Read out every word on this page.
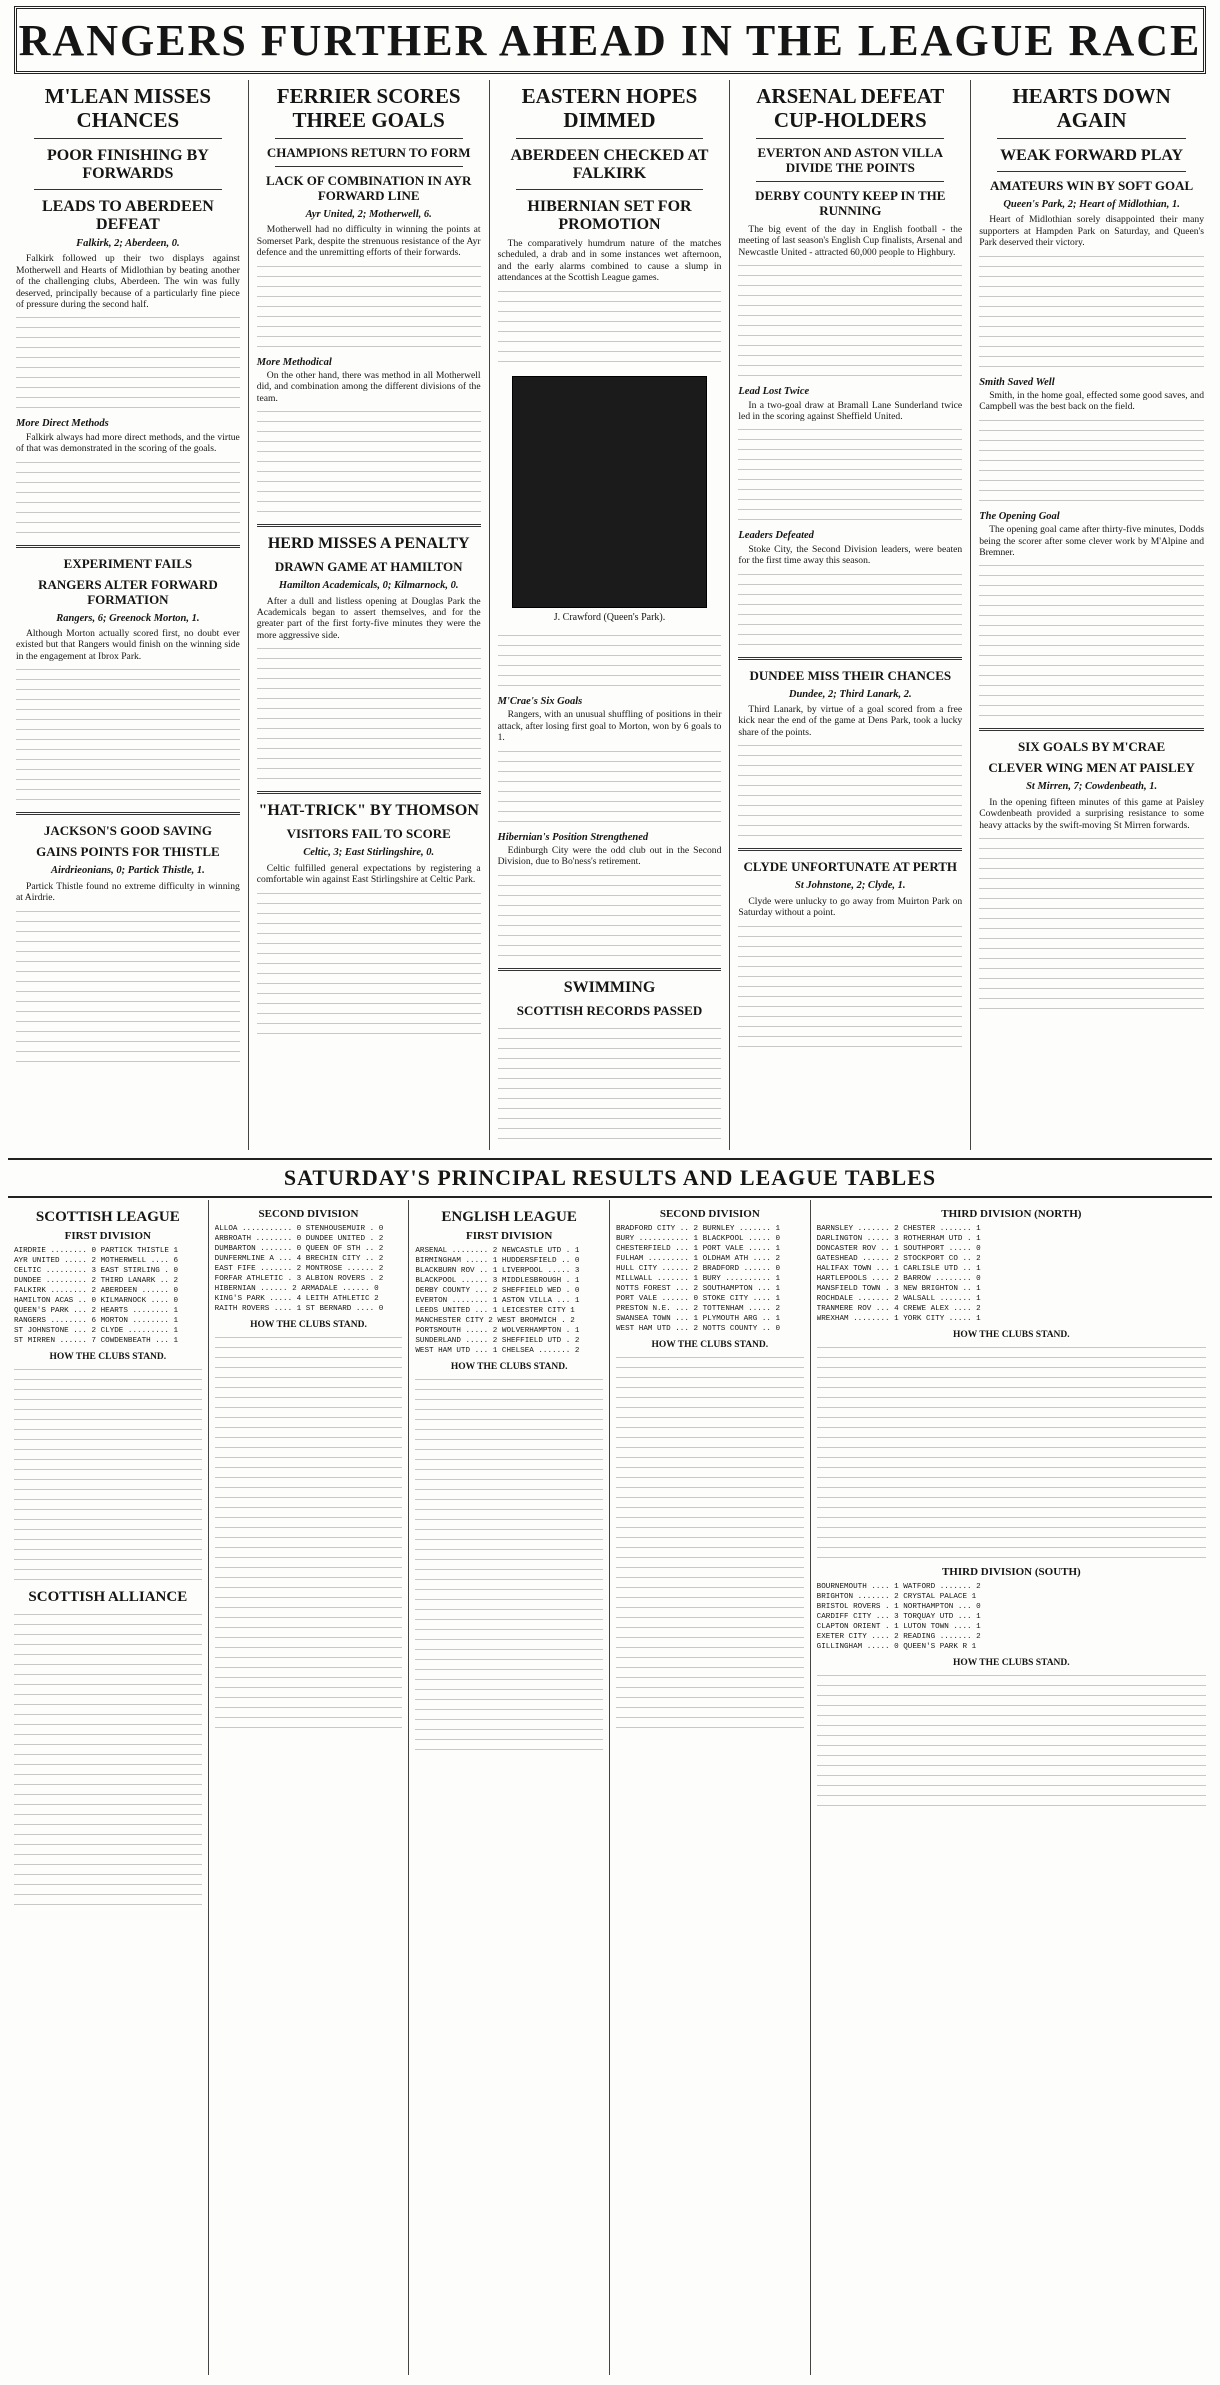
RANGERS FURTHER AHEAD IN THE LEAGUE RACE
M'LEAN MISSES CHANCES
POOR FINISHING BY FORWARDS
LEADS TO ABERDEEN DEFEAT
Falkirk, 2; Aberdeen, 0.

Falkirk followed up their two displays against Motherwell and Hearts of Midlothian by beating another of the challenging clubs, Aberdeen. The win was fully deserved, principally because of a particularly fine piece of pressure during the second half.

More Direct Methods

Falkirk always had more direct methods, and the virtue of that was demonstrated in the scoring of the goals.

EXPERIMENT FAILS
RANGERS ALTER FORWARD FORMATION
Rangers, 6; Greenock Morton, 1.

Although Morton actually scored first, no doubt ever existed but that Rangers would finish on the winning side in the engagement at Ibrox Park.

JACKSON'S GOOD SAVING
GAINS POINTS FOR THISTLE
Airdrieonians, 0; Partick Thistle, 1.

Partick Thistle found no extreme difficulty in winning at Airdrie.

FERRIER SCORES THREE GOALS
CHAMPIONS RETURN TO FORM
LACK OF COMBINATION IN AYR FORWARD LINE
Ayr United, 2; Motherwell, 6.

Motherwell had no difficulty in winning the points at Somerset Park, despite the strenuous resistance of the Ayr defence and the unremitting efforts of their forwards.

More Methodical

On the other hand, there was method in all Motherwell did, and combination among the different divisions of the team.

HERD MISSES A PENALTY
DRAWN GAME AT HAMILTON
Hamilton Academicals, 0; Kilmarnock, 0.

After a dull and listless opening at Douglas Park the Academicals began to assert themselves, and for the greater part of the first forty-five minutes they were the more aggressive side.

"HAT-TRICK" BY THOMSON
VISITORS FAIL TO SCORE
Celtic, 3; East Stirlingshire, 0.

Celtic fulfilled general expectations by registering a comfortable win against East Stirlingshire at Celtic Park.

EASTERN HOPES DIMMED
ABERDEEN CHECKED AT FALKIRK
HIBERNIAN SET FOR PROMOTION

The comparatively humdrum nature of the matches scheduled, a drab and in some instances wet afternoon, and the early alarms combined to cause a slump in attendances at the Scottish League games.

J. Crawford (Queen's Park).
M'Crae's Six Goals

Rangers, with an unusual shuffling of positions in their attack, after losing first goal to Morton, won by 6 goals to 1.

Hibernian's Position Strengthened

Edinburgh City were the odd club out in the Second Division, due to Bo'ness's retirement.

SWIMMING
SCOTTISH RECORDS PASSED
ARSENAL DEFEAT CUP-HOLDERS
EVERTON AND ASTON VILLA DIVIDE THE POINTS
DERBY COUNTY KEEP IN THE RUNNING

The big event of the day in English football - the meeting of last season's English Cup finalists, Arsenal and Newcastle United - attracted 60,000 people to Highbury.

Lead Lost Twice

In a two-goal draw at Bramall Lane Sunderland twice led in the scoring against Sheffield United.

Leaders Defeated

Stoke City, the Second Division leaders, were beaten for the first time away this season.

DUNDEE MISS THEIR CHANCES
Dundee, 2; Third Lanark, 2.

Third Lanark, by virtue of a goal scored from a free kick near the end of the game at Dens Park, took a lucky share of the points.

CLYDE UNFORTUNATE AT PERTH
St Johnstone, 2; Clyde, 1.

Clyde were unlucky to go away from Muirton Park on Saturday without a point.

HEARTS DOWN AGAIN
WEAK FORWARD PLAY
AMATEURS WIN BY SOFT GOAL
Queen's Park, 2; Heart of Midlothian, 1.

Heart of Midlothian sorely disappointed their many supporters at Hampden Park on Saturday, and Queen's Park deserved their victory.

Smith Saved Well

Smith, in the home goal, effected some good saves, and Campbell was the best back on the field.

The Opening Goal

The opening goal came after thirty-five minutes, Dodds being the scorer after some clever work by M'Alpine and Bremner.

SIX GOALS BY M'CRAE
CLEVER WING MEN AT PAISLEY
St Mirren, 7; Cowdenbeath, 1.

In the opening fifteen minutes of this game at Paisley Cowdenbeath provided a surprising resistance to some heavy attacks by the swift-moving St Mirren forwards.

SATURDAY'S PRINCIPAL RESULTS AND LEAGUE TABLES
SCOTTISH LEAGUE
FIRST DIVISION
AIRDRIE ........ 0 PARTICK THISTLE 1
AYR UNITED ..... 2 MOTHERWELL .... 6
CELTIC ......... 3 EAST STIRLING . 0
DUNDEE ......... 2 THIRD LANARK .. 2
FALKIRK ........ 2 ABERDEEN ...... 0
HAMILTON ACAS .. 0 KILMARNOCK .... 0
QUEEN'S PARK ... 2 HEARTS ........ 1
RANGERS ........ 6 MORTON ........ 1
ST JOHNSTONE ... 2 CLYDE ......... 1
ST MIRREN ...... 7 COWDENBEATH ... 1
HOW THE CLUBS STAND.
SCOTTISH ALLIANCE
SECOND DIVISION
ALLOA ........... 0 STENHOUSEMUIR . 0
ARBROATH ........ 0 DUNDEE UNITED . 2
DUMBARTON ....... 0 QUEEN OF STH .. 2
DUNFERMLINE A ... 4 BRECHIN CITY .. 2
EAST FIFE ....... 2 MONTROSE ...... 2
FORFAR ATHLETIC . 3 ALBION ROVERS . 2
HIBERNIAN ...... 2 ARMADALE ...... 0
KING'S PARK ..... 4 LEITH ATHLETIC 2
RAITH ROVERS .... 1 ST BERNARD .... 0
HOW THE CLUBS STAND.
ENGLISH LEAGUE
FIRST DIVISION
ARSENAL ........ 2 NEWCASTLE UTD . 1
BIRMINGHAM ..... 1 HUDDERSFIELD .. 0
BLACKBURN ROV .. 1 LIVERPOOL ..... 3
BLACKPOOL ...... 3 MIDDLESBROUGH . 1
DERBY COUNTY ... 2 SHEFFIELD WED . 0
EVERTON ........ 1 ASTON VILLA ... 1
LEEDS UNITED ... 1 LEICESTER CITY 1
MANCHESTER CITY 2 WEST BROMWICH . 2
PORTSMOUTH ..... 2 WOLVERHAMPTON . 1
SUNDERLAND ..... 2 SHEFFIELD UTD . 2
WEST HAM UTD ... 1 CHELSEA ....... 2
HOW THE CLUBS STAND.
SECOND DIVISION
BRADFORD CITY .. 2 BURNLEY ....... 1
BURY ........... 1 BLACKPOOL ..... 0
CHESTERFIELD ... 1 PORT VALE ..... 1
FULHAM ......... 1 OLDHAM ATH .... 2
HULL CITY ...... 2 BRADFORD ...... 0
MILLWALL ....... 1 BURY .......... 1
NOTTS FOREST ... 2 SOUTHAMPTON ... 1
PORT VALE ...... 0 STOKE CITY .... 1
PRESTON N.E. ... 2 TOTTENHAM ..... 2
SWANSEA TOWN ... 1 PLYMOUTH ARG .. 1
WEST HAM UTD ... 2 NOTTS COUNTY .. 0
HOW THE CLUBS STAND.
THIRD DIVISION (NORTH)
BARNSLEY ....... 2 CHESTER ....... 1
DARLINGTON ..... 3 ROTHERHAM UTD . 1
DONCASTER ROV .. 1 SOUTHPORT ..... 0
GATESHEAD ...... 2 STOCKPORT CO .. 2
HALIFAX TOWN ... 1 CARLISLE UTD .. 1
HARTLEPOOLS .... 2 BARROW ........ 0
MANSFIELD TOWN . 3 NEW BRIGHTON .. 1
ROCHDALE ....... 2 WALSALL ....... 1
TRANMERE ROV ... 4 CREWE ALEX .... 2
WREXHAM ........ 1 YORK CITY ..... 1
HOW THE CLUBS STAND.
THIRD DIVISION (SOUTH)
BOURNEMOUTH .... 1 WATFORD ....... 2
BRIGHTON ....... 2 CRYSTAL PALACE 1
BRISTOL ROVERS . 1 NORTHAMPTON ... 0
CARDIFF CITY ... 3 TORQUAY UTD ... 1
CLAPTON ORIENT . 1 LUTON TOWN .... 1
EXETER CITY .... 2 READING ....... 2
GILLINGHAM ..... 0 QUEEN'S PARK R 1
HOW THE CLUBS STAND.
